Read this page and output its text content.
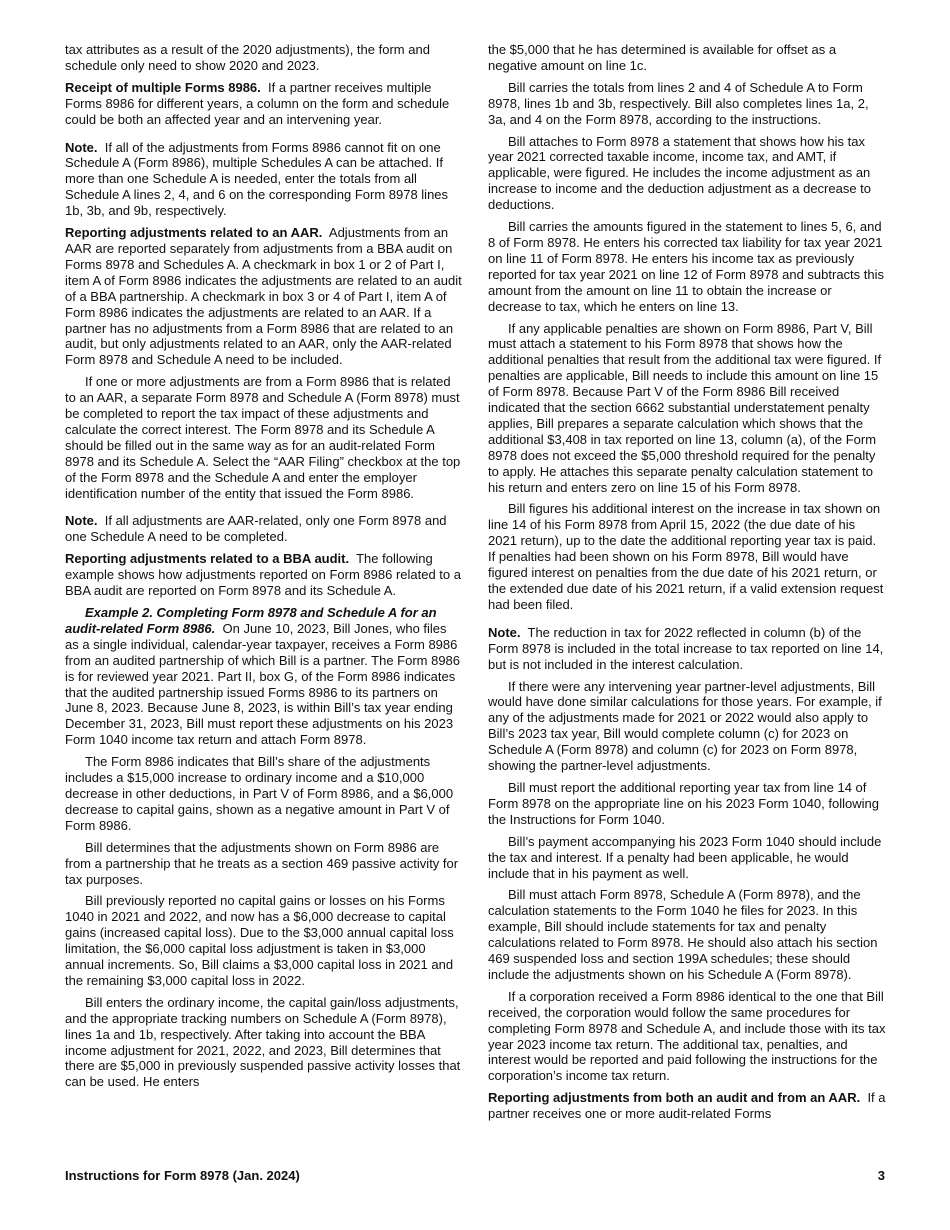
tax attributes as a result of the 2020 adjustments), the form and schedule only need to show 2020 and 2023.

Receipt of multiple Forms 8986. If a partner receives multiple Forms 8986 for different years, a column on the form and schedule could be both an affected year and an intervening year.

Note. If all of the adjustments from Forms 8986 cannot fit on one Schedule A (Form 8986), multiple Schedules A can be attached. If more than one Schedule A is needed, enter the totals from all Schedule A lines 2, 4, and 6 on the corresponding Form 8978 lines 1b, 3b, and 9b, respectively.

Reporting adjustments related to an AAR. Adjustments from an AAR are reported separately from adjustments from a BBA audit on Forms 8978 and Schedules A. A checkmark in box 1 or 2 of Part I, item A of Form 8986 indicates the adjustments are related to an audit of a BBA partnership. A checkmark in box 3 or 4 of Part I, item A of Form 8986 indicates the adjustments are related to an AAR. If a partner has no adjustments from a Form 8986 that are related to an audit, but only adjustments related to an AAR, only the AAR-related Form 8978 and Schedule A need to be included.

If one or more adjustments are from a Form 8986 that is related to an AAR, a separate Form 8978 and Schedule A (Form 8978) must be completed to report the tax impact of these adjustments and calculate the correct interest. The Form 8978 and its Schedule A should be filled out in the same way as for an audit-related Form 8978 and its Schedule A. Select the “AAR Filing” checkbox at the top of the Form 8978 and the Schedule A and enter the employer identification number of the entity that issued the Form 8986.

Note. If all adjustments are AAR-related, only one Form 8978 and one Schedule A need to be completed.

Reporting adjustments related to a BBA audit. The following example shows how adjustments reported on Form 8986 related to a BBA audit are reported on Form 8978 and its Schedule A.

Example 2. Completing Form 8978 and Schedule A for an audit-related Form 8986. On June 10, 2023, Bill Jones, who files as a single individual, calendar-year taxpayer, receives a Form 8986 from an audited partnership of which Bill is a partner. The Form 8986 is for reviewed year 2021. Part II, box G, of the Form 8986 indicates that the audited partnership issued Forms 8986 to its partners on June 8, 2023. Because June 8, 2023, is within Bill’s tax year ending December 31, 2023, Bill must report these adjustments on his 2023 Form 1040 income tax return and attach Form 8978.

The Form 8986 indicates that Bill’s share of the adjustments includes a $15,000 increase to ordinary income and a $10,000 decrease in other deductions, in Part V of Form 8986, and a $6,000 decrease to capital gains, shown as a negative amount in Part V of Form 8986.

Bill determines that the adjustments shown on Form 8986 are from a partnership that he treats as a section 469 passive activity for tax purposes.

Bill previously reported no capital gains or losses on his Forms 1040 in 2021 and 2022, and now has a $6,000 decrease to capital gains (increased capital loss). Due to the $3,000 annual capital loss limitation, the $6,000 capital loss adjustment is taken in $3,000 annual increments. So, Bill claims a $3,000 capital loss in 2021 and the remaining $3,000 capital loss in 2022.

Bill enters the ordinary income, the capital gain/loss adjustments, and the appropriate tracking numbers on Schedule A (Form 8978), lines 1a and 1b, respectively. After taking into account the BBA income adjustment for 2021, 2022, and 2023, Bill determines that there are $5,000 in previously suspended passive activity losses that can be used. He enters

the $5,000 that he has determined is available for offset as a negative amount on line 1c.

Bill carries the totals from lines 2 and 4 of Schedule A to Form 8978, lines 1b and 3b, respectively. Bill also completes lines 1a, 2, 3a, and 4 on the Form 8978, according to the instructions.

Bill attaches to Form 8978 a statement that shows how his tax year 2021 corrected taxable income, income tax, and AMT, if applicable, were figured. He includes the income adjustment as an increase to income and the deduction adjustment as a decrease to deductions.

Bill carries the amounts figured in the statement to lines 5, 6, and 8 of Form 8978. He enters his corrected tax liability for tax year 2021 on line 11 of Form 8978. He enters his income tax as previously reported for tax year 2021 on line 12 of Form 8978 and subtracts this amount from the amount on line 11 to obtain the increase or decrease to tax, which he enters on line 13.

If any applicable penalties are shown on Form 8986, Part V, Bill must attach a statement to his Form 8978 that shows how the additional penalties that result from the additional tax were figured. If penalties are applicable, Bill needs to include this amount on line 15 of Form 8978. Because Part V of the Form 8986 Bill received indicated that the section 6662 substantial understatement penalty applies, Bill prepares a separate calculation which shows that the additional $3,408 in tax reported on line 13, column (a), of the Form 8978 does not exceed the $5,000 threshold required for the penalty to apply. He attaches this separate penalty calculation statement to his return and enters zero on line 15 of his Form 8978.

Bill figures his additional interest on the increase in tax shown on line 14 of his Form 8978 from April 15, 2022 (the due date of his 2021 return), up to the date the additional reporting year tax is paid. If penalties had been shown on his Form 8978, Bill would have figured interest on penalties from the due date of his 2021 return, or the extended due date of his 2021 return, if a valid extension request had been filed.

Note. The reduction in tax for 2022 reflected in column (b) of the Form 8978 is included in the total increase to tax reported on line 14, but is not included in the interest calculation.

If there were any intervening year partner-level adjustments, Bill would have done similar calculations for those years. For example, if any of the adjustments made for 2021 or 2022 would also apply to Bill’s 2023 tax year, Bill would complete column (c) for 2023 on Schedule A (Form 8978) and column (c) for 2023 on Form 8978, showing the partner-level adjustments.

Bill must report the additional reporting year tax from line 14 of Form 8978 on the appropriate line on his 2023 Form 1040, following the Instructions for Form 1040.

Bill’s payment accompanying his 2023 Form 1040 should include the tax and interest. If a penalty had been applicable, he would include that in his payment as well.

Bill must attach Form 8978, Schedule A (Form 8978), and the calculation statements to the Form 1040 he files for 2023. In this example, Bill should include statements for tax and penalty calculations related to Form 8978. He should also attach his section 469 suspended loss and section 199A schedules; these should include the adjustments shown on his Schedule A (Form 8978).

If a corporation received a Form 8986 identical to the one that Bill received, the corporation would follow the same procedures for completing Form 8978 and Schedule A, and include those with its tax year 2023 income tax return. The additional tax, penalties, and interest would be reported and paid following the instructions for the corporation’s income tax return.

Reporting adjustments from both an audit and from an AAR. If a partner receives one or more audit-related Forms

Instructions for Form 8978 (Jan. 2024)	3
